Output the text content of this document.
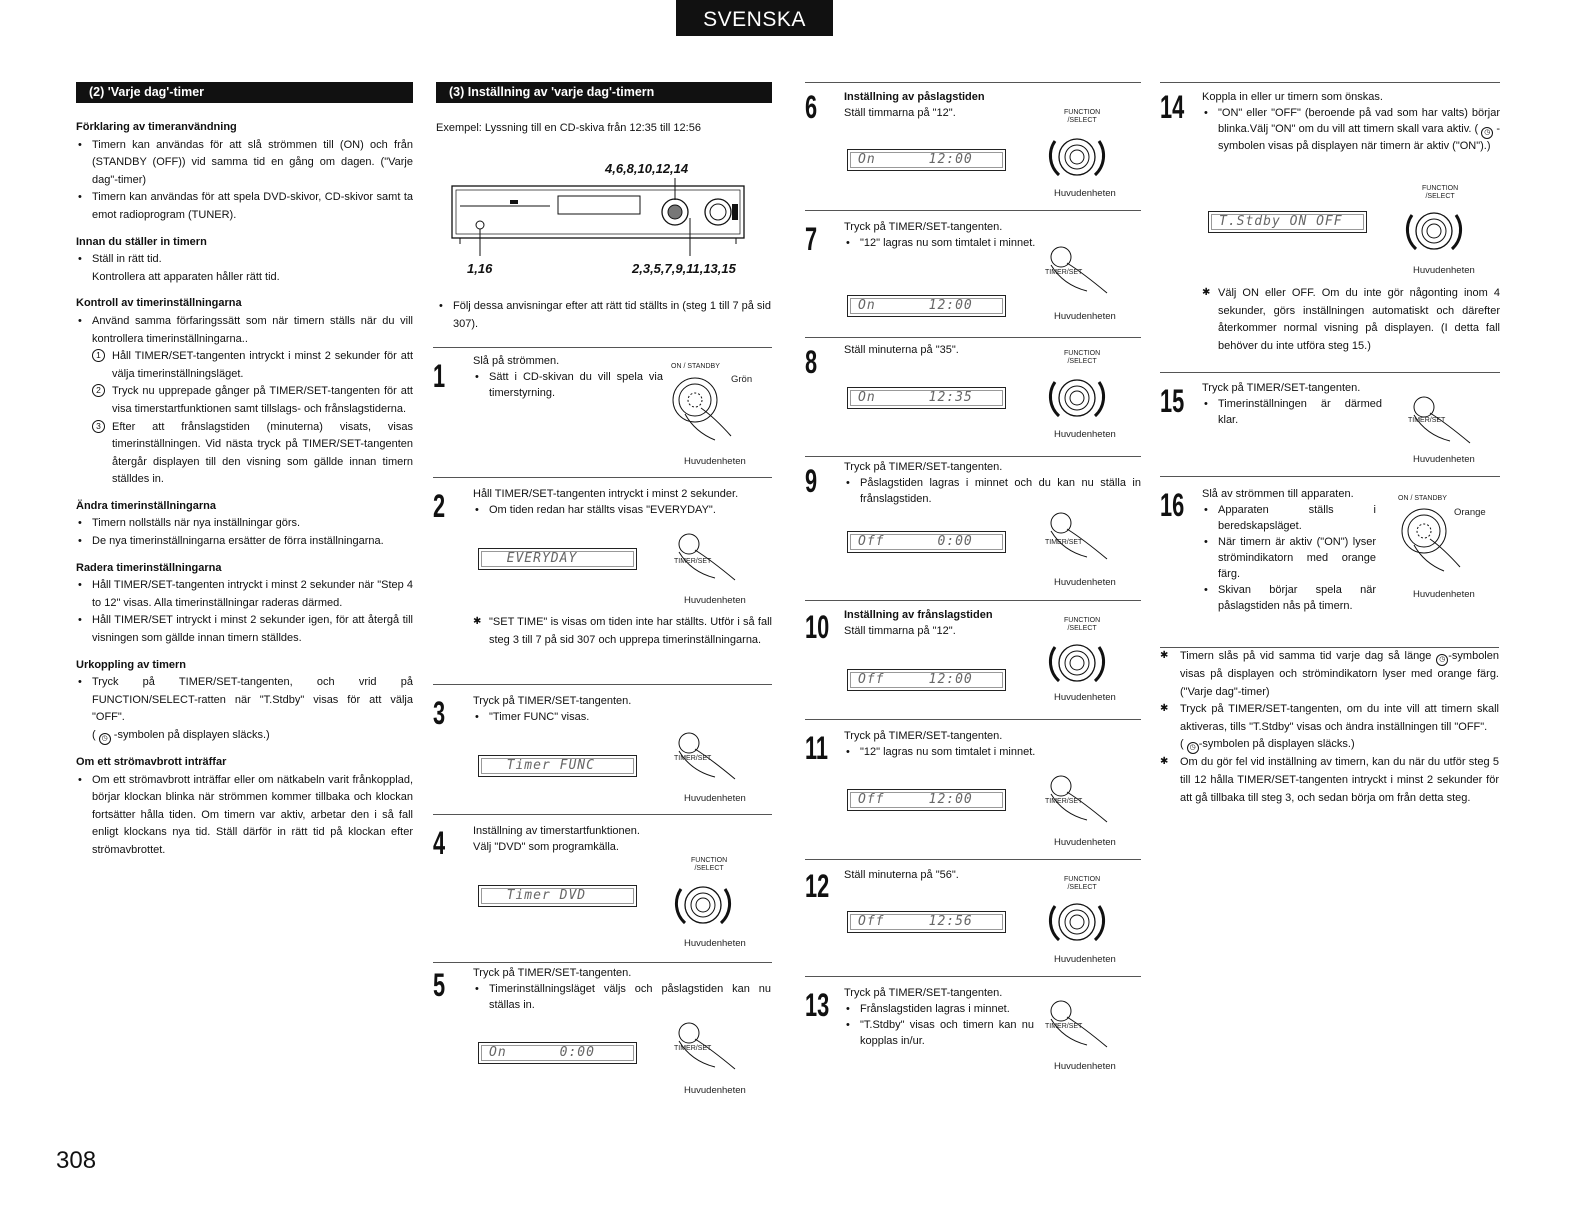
SVENSKA
(2) 'Varje dag'-timer
Förklaring av timeranvändning
• Timern kan användas för att slå strömmen till (ON) och från (STANDBY (OFF)) vid samma tid en gång om dagen. ("Varje dag"-timer)
• Timern kan användas för att spela DVD-skivor, CD-skivor samt ta emot radioprogram (TUNER).
Innan du ställer in timern
• Ställ in rätt tid.
Kontrollera att apparaten håller rätt tid.
Kontroll av timerinställningarna
• Använd samma förfaringssätt som när timern ställs när du vill kontrollera timerinställningarna..
1	Håll TIMER/SET-tangenten intryckt i minst 2 sekunder för att välja timerinställningsläget.
2	Tryck nu upprepade gånger på TIMER/SET-tangenten för att visa timerstartfunktionen samt tillslags- och frånslagstiderna.
3	Efter att frånslagstiden (minuterna) visats, visas timerinställningen. Vid nästa tryck på TIMER/SET-tangenten återgår displayen till den visning som gällde innan timern ställdes in.
Ändra timerinställningarna
• Timern nollställs när nya inställningar görs.
• De nya timerinställningarna ersätter de förra inställningarna.
Radera timerinställningarna
• Håll TIMER/SET-tangenten intryckt i minst 2 sekunder när "Step 4 to 12" visas. Alla timerinställningar raderas därmed.
• Håll TIMER/SET intryckt i minst 2 sekunder igen, för att återgå till visningen som gällde innan timern ställdes.
Urkoppling av timern
• Tryck på TIMER/SET-tangenten, och vrid på FUNCTION/SELECT-ratten när "T.Stdby" visas för att välja "OFF".
( ◷ -symbolen på displayen släcks.)
Om ett strömavbrott inträffar
• Om ett strömavbrott inträffar eller om nätkabeln varit frånkopplad, börjar klockan blinka när strömmen kommer tillbaka och klockan fortsätter hålla tiden. Om timern var aktiv, arbetar den i så fall enligt klockans nya tid. Ställ därför in rätt tid på klockan efter strömavbrottet.
(3) Inställning av 'varje dag'-timern
Exempel: Lyssning till en CD-skiva från 12:35 till 12:56
4,6,8,10,12,14
1,16	2,3,5,7,9,11,13,15
• Följ dessa anvisningar efter att rätt tid ställts in (steg 1 till 7 på sid 307).
1	Slå på strömmen.
• Sätt i CD-skivan du vill spela via timerstyrning.
ON / STANDBY
Grön
Huvudenheten
2	Håll TIMER/SET-tangenten intryckt i minst 2 sekunder.
• Om tiden redan har ställts visas "EVERYDAY".
EVERYDAY	TIMER/SET
Huvudenheten
✱ "SET TIME" is visas om tiden inte har ställts. Utför i så fall steg 3 till 7 på sid 307 och upprepa timerinställningarna.
3	Tryck på TIMER/SET-tangenten.
• "Timer FUNC" visas.
Timer FUNC	TIMER/SET
Huvudenheten
4	Inställning av timerstartfunktionen.
Välj "DVD" som programkälla.
Timer DVD
FUNCTION
/SELECT
Huvudenheten
5	Tryck på TIMER/SET-tangenten.
• Timerinställningsläget väljs och påslagstiden kan nu ställas in.
On      0:00	TIMER/SET
Huvudenheten
6 Inställning av påslagstiden
Ställ timmarna på "12".
On      12:00
FUNCTION
/SELECT
Huvudenheten
7 Tryck på TIMER/SET-tangenten.
• "12" lagras nu som timtalet i minnet.
On      12:00
TIMER/SET
Huvudenheten
8 Ställ minuterna på "35".
On      12:35
FUNCTION
/SELECT
Huvudenheten
9 Tryck på TIMER/SET-tangenten.
• Påslagstiden lagras i minnet och du kan nu ställa in frånslagstiden.
Off      0:00	TIMER/SET
Huvudenheten
10 Inställning av frånslagstiden
Ställ timmarna på "12".
Off     12:00
FUNCTION
/SELECT
Huvudenheten
11 Tryck på TIMER/SET-tangenten.
• "12" lagras nu som timtalet i minnet.
Off     12:00	TIMER/SET
Huvudenheten
12 Ställ minuterna på "56".
Off     12:56
FUNCTION
/SELECT
Huvudenheten
13 Tryck på TIMER/SET-tangenten.
• Frånslagstiden lagras i minnet.
• "T.Stdby" visas och timern kan nu kopplas in/ur.
TIMER/SET
Huvudenheten
14 Koppla in eller ur timern som önskas.
• "ON" eller "OFF" (beroende på vad som har valts) börjar blinka.Välj "ON" om du vill att timern skall vara aktiv. ( ◷ -symbolen visas på displayen när timern är aktiv ("ON").)
T.Stdby ON OFF
FUNCTION
/SELECT
Huvudenheten
✱ Välj ON eller OFF. Om du inte gör någonting inom 4 sekunder, görs inställningen automatiskt och därefter återkommer normal visning på displayen. (I detta fall behöver du inte utföra steg 15.)
15 Tryck på TIMER/SET-tangenten.
• Timerinställningen är därmed klar.	TIMER/SET
Huvudenheten
16 Slå av strömmen till apparaten.
• Apparaten ställs i beredskapsläget.
• När timern är aktiv ("ON") lyser strömindikatorn med orange färg.
• Skivan börjar spela när påslagstiden nås på timern.
ON / STANDBY
Orange
Huvudenheten

✱ Timern slås på vid samma tid varje dag så länge ◷ -symbolen visas på displayen och strömindikatorn lyser med orange färg. ("Varje dag"-timer)

✱ Tryck på TIMER/SET-tangenten, om du inte vill att timern skall aktiveras, tills "T.Stdby" visas och ändra inställningen till "OFF".
( ◷ -symbolen på displayen släcks.)

✱ Om du gör fel vid inställning av timern, kan du när du utför steg 5 till 12 hålla TIMER/SET-tangenten intryckt i minst 2 sekunder för att gå tillbaka till steg 3, och sedan börja om från detta steg.

308
